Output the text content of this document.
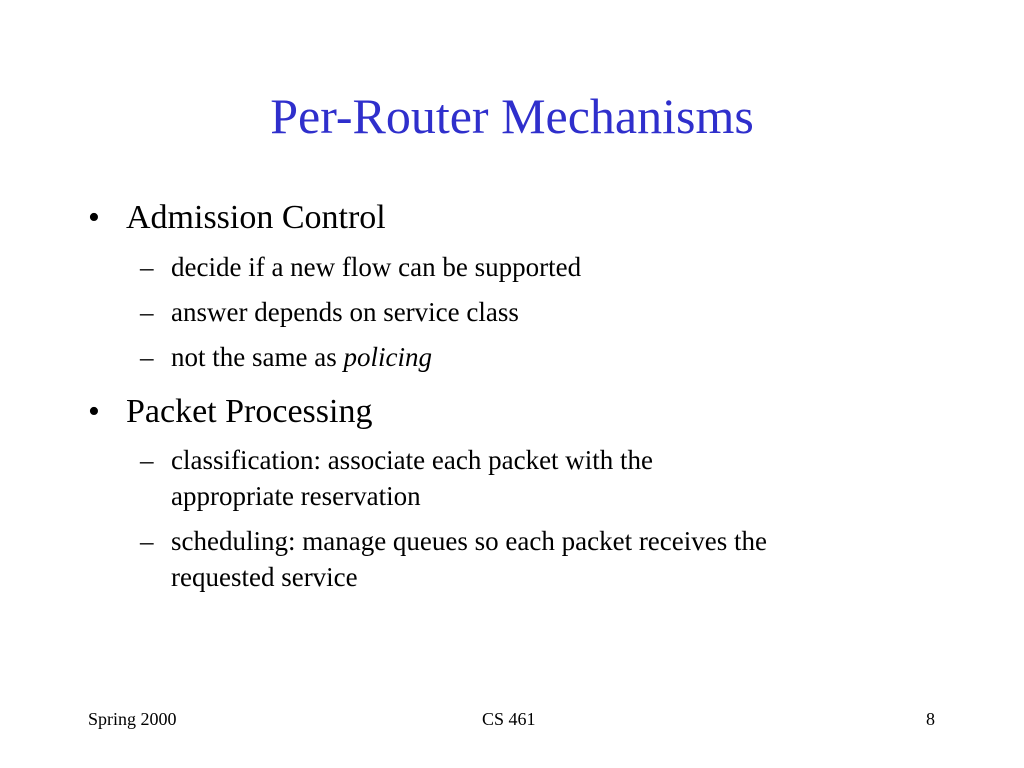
Per-Router Mechanisms
• Admission Control
– decide if a new flow can be supported
– answer depends on service class
– not the same as policing
• Packet Processing
– classification: associate each packet with the
appropriate reservation
– scheduling: manage queues so each packet receives the
requested service
Spring 2000	CS 461	8
